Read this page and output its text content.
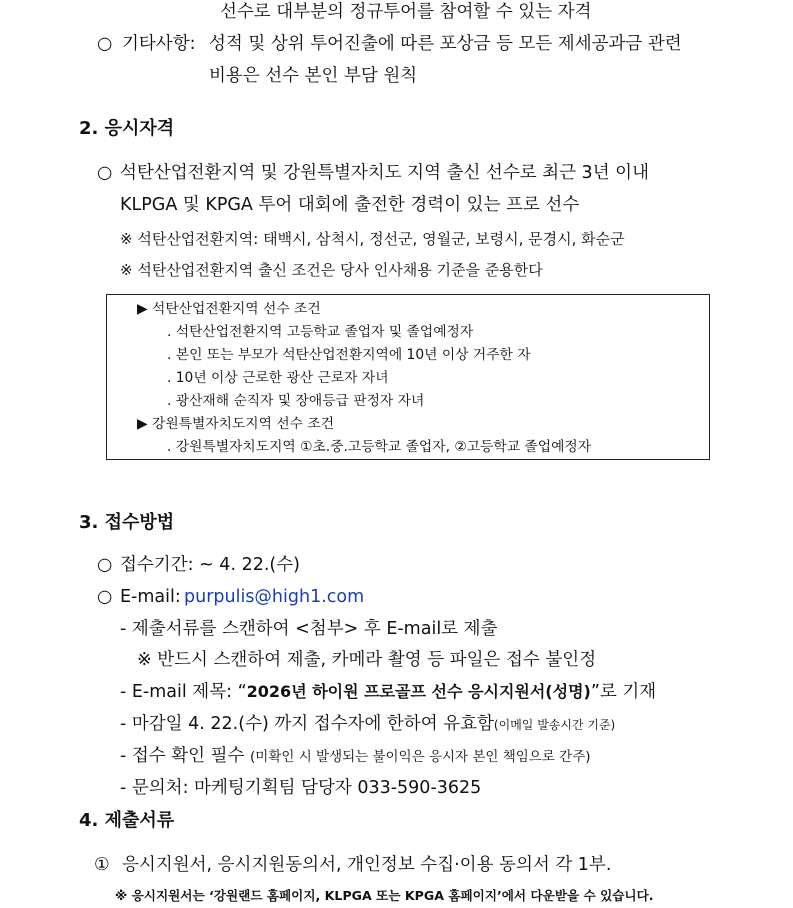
선수로 대부분의 정규투어를 참여할 수 있는 자격
○ 기타사항: 성적 및 상위 투어진출에 따른 포상금 등 모든 제세공과금 관련
비용은 선수 본인 부담 원칙
2. 응시자격
○ 석탄산업전환지역 및 강원특별자치도 지역 출신 선수로 최근 3년 이내
KLPGA 및 KPGA 투어 대회에 출전한 경력이 있는 프로 선수
※ 석탄산업전환지역: 태백시, 삼척시, 정선군, 영월군, 보령시, 문경시, 화순군
※ 석탄산업전환지역 출신 조건은 당사 인사채용 기준을 준용한다
▶ 석탄산업전환지역 선수 조건
. 석탄산업전환지역 고등학교 졸업자 및 졸업예정자
. 본인 또는 부모가 석탄산업전환지역에 10년 이상 거주한 자
. 10년 이상 근로한 광산 근로자 자녀
. 광산재해 순직자 및 장애등급 판정자 자녀
▶ 강원특별자치도지역 선수 조건
. 강원특별자치도지역 ①초.중.고등학교 졸업자, ②고등학교 졸업예정자
3. 접수방법
○ 접수기간: ~ 4. 22.(수)
○ E-mail: purpulis@high1.com
- 제출서류를 스캔하여 <첨부> 후 E-mail로 제출
※ 반드시 스캔하여 제출, 카메라 촬영 등 파일은 접수 불인정
- E-mail 제목: “2026년 하이원 프로골프 선수 응시지원서(성명)”로 기재
- 마감일 4. 22.(수) 까지 접수자에 한하여 유효함(이메일 발송시간 기준)
- 접수 확인 필수 (미확인 시 발생되는 불이익은 응시자 본인 책임으로 간주)
- 문의처: 마케팅기획팀 담당자 033-590-3625
4. 제출서류
① 응시지원서, 응시지원동의서, 개인정보 수집·이용 동의서 각 1부.
※ 응시지원서는 ‘강원랜드 홈페이지, KLPGA 또는 KPGA 홈페이지’에서 다운받을 수 있습니다.
